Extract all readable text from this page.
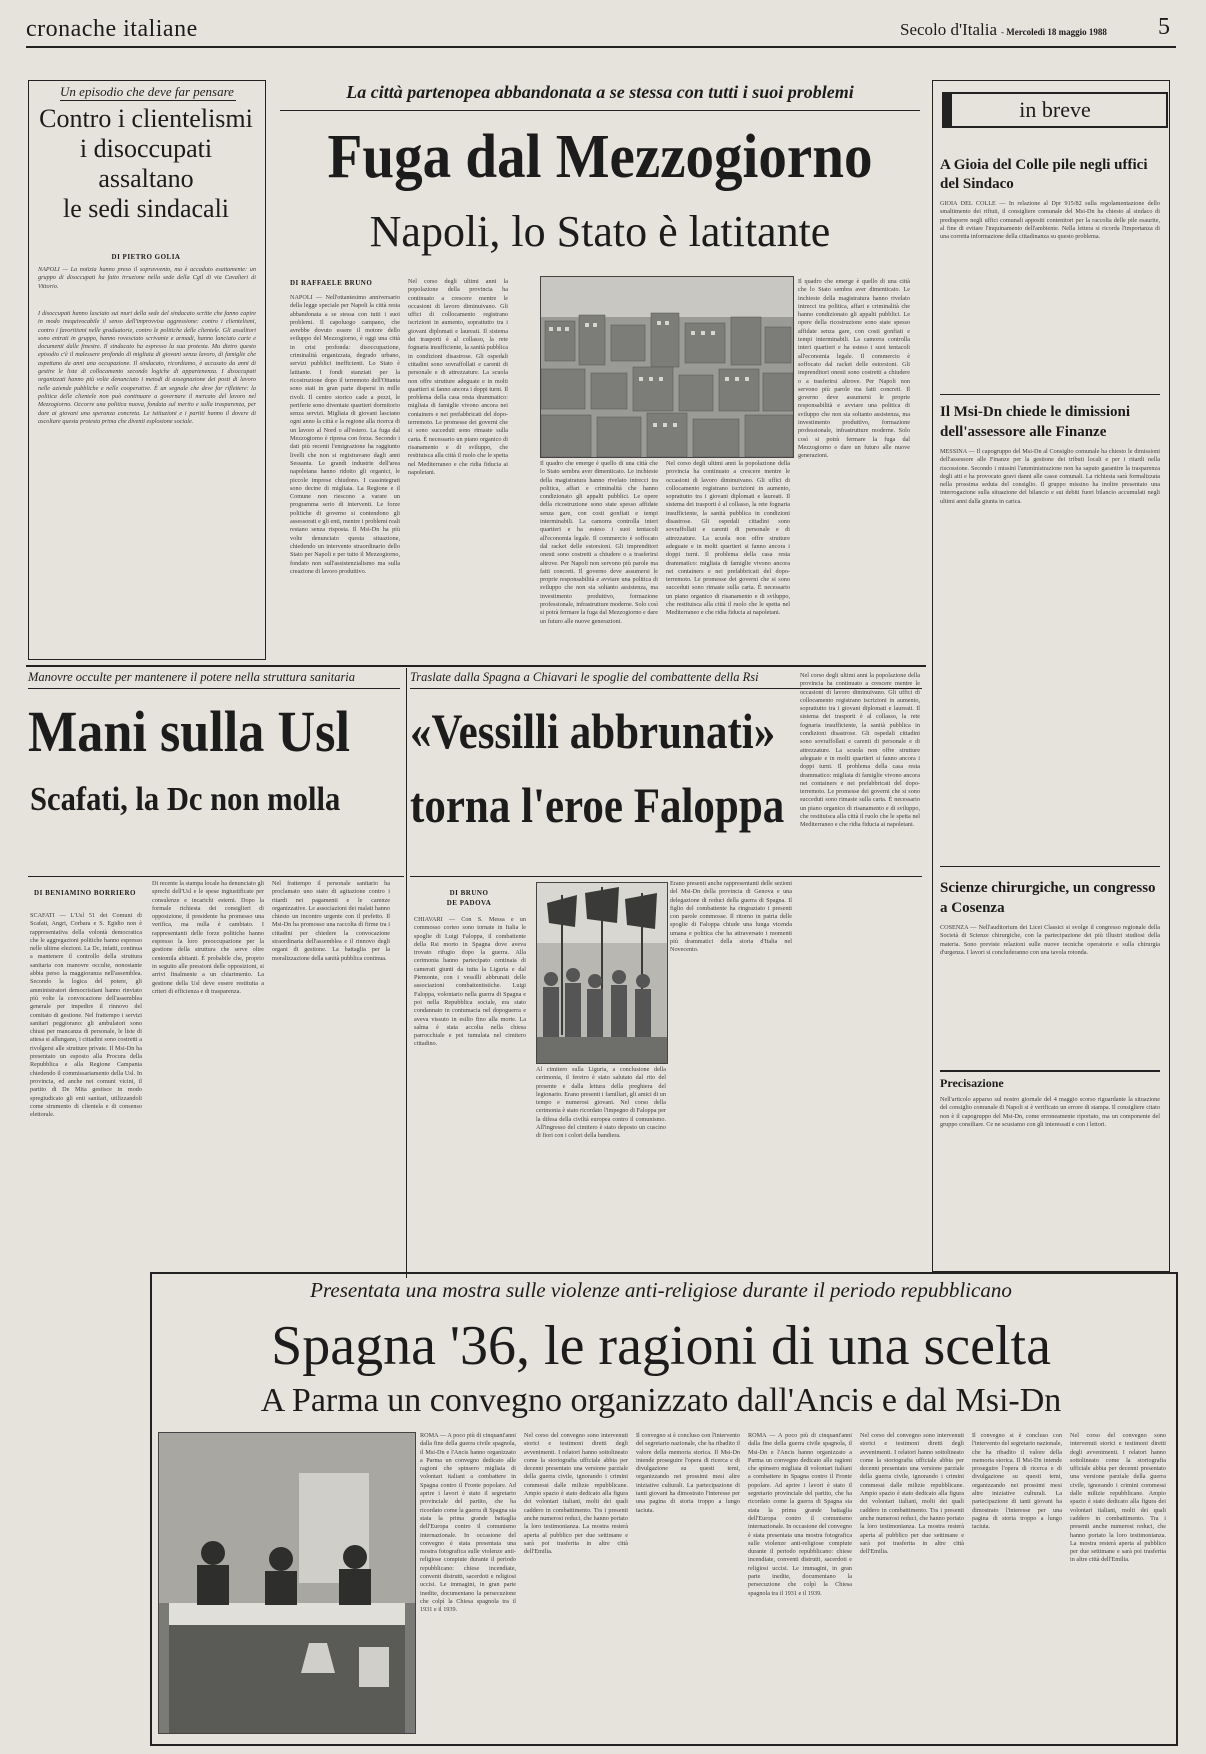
cronache italiane	Secolo d'Italia - Mercoledì 18 maggio 1988 5
Un episodio che deve far pensare
Contro i clientelismi
i disoccupati
assaltano
le sedi sindacali
DI PIETRO GOLIA
NAPOLI — La notizia hanno preso il sopravvento, ma è accaduto esattamente: un gruppo di disoccupati ha fatto irruzione nella sede della Cgil di via Cavalieri di Vittorio.
I disoccupati hanno lasciato sui muri della sede del sindacato scritte che fanno capire in modo inequivocabile il senso dell'improvvisa aggressione: contro i clientelismi, contro i favoritismi nelle graduatorie, contro le politiche delle clientele. Gli assalitori sono entrati in gruppo, hanno rovesciato scrivanie e armadi, hanno lanciato carte e documenti dalle finestre. Il sindacato ha espresso la sua protesta. Ma dietro questo episodio c'è il malessere profondo di migliaia di giovani senza lavoro, di famiglie che aspettano da anni una occupazione. Il sindacato, ricordiamo, è accusato da anni di gestire le liste di collocamento secondo logiche di appartenenza. I disoccupati organizzati hanno più volte denunciato i metodi di assegnazione dei posti di lavoro nelle aziende pubbliche e nelle cooperative. È un segnale che deve far riflettere: la politica delle clientele non può continuare a governare il mercato del lavoro nel Mezzogiorno. Occorre una politica nuova, fondata sul merito e sulla trasparenza, per dare ai giovani una speranza concreta. Le istituzioni e i partiti hanno il dovere di ascoltare questa protesta prima che diventi esplosione sociale.
La città partenopea abbandonata a se stessa con tutti i suoi problemi
Fuga dal Mezzogiorno
Napoli, lo Stato è latitante
DI RAFFAELE BRUNO
NAPOLI — Nell'ottantesimo anniversario della legge speciale per Napoli la città resta abbandonata a se stessa con tutti i suoi problemi. Il capoluogo campano, che avrebbe dovuto essere il motore dello sviluppo del Mezzogiorno, è oggi una città in crisi profonda: disoccupazione, criminalità organizzata, degrado urbano, servizi pubblici inefficienti. Lo Stato è latitante. I fondi stanziati per la ricostruzione dopo il terremoto dell'Ottanta sono stati in gran parte dispersi in mille rivoli. Il centro storico cade a pezzi, le periferie sono diventate quartieri dormitorio senza servizi. Migliaia di giovani lasciano ogni anno la città e la regione alla ricerca di un lavoro al Nord o all'estero. La fuga dal Mezzogiorno è ripresa con forza. Secondo i dati più recenti l'emigrazione ha raggiunto livelli che non si registravano dagli anni Sessanta. Le grandi industrie dell'area napoletana hanno ridotto gli organici, le piccole imprese chiudono. I cassintegrati sono decine di migliaia. La Regione e il Comune non riescono a varare un programma serio di interventi. Le forze politiche di governo si contendono gli assessorati e gli enti, mentre i problemi reali restano senza risposta. Il Msi-Dn ha più volte denunciato questa situazione, chiedendo un intervento straordinario dello Stato per Napoli e per tutto il Mezzogiorno, fondato non sull'assistenzialismo ma sulla creazione di lavoro produttivo.
Nel corso degli ultimi anni la popolazione della provincia ha continuato a crescere mentre le occasioni di lavoro diminuivano. Gli uffici di collocamento registrano iscrizioni in aumento, soprattutto tra i giovani diplomati e laureati. Il sistema dei trasporti è al collasso, la rete fognaria insufficiente, la sanità pubblica in condizioni disastrose. Gli ospedali cittadini sono sovraffollati e carenti di personale e di attrezzature. La scuola non offre strutture adeguate e in molti quartieri si fanno ancora i doppi turni. Il problema della casa resta drammatico: migliaia di famiglie vivono ancora nei containers e nei prefabbricati del dopo-terremoto. Le promesse dei governi che si sono succeduti sono rimaste sulla carta. È necessario un piano organico di risanamento e di sviluppo, che restituisca alla città il ruolo che le spetta nel Mediterraneo e che ridia fiducia ai napoletani.
Il quadro che emerge è quello di una città che lo Stato sembra aver dimenticato. Le inchieste della magistratura hanno rivelato intrecci tra politica, affari e criminalità che hanno condizionato gli appalti pubblici. Le opere della ricostruzione sono state spesso affidate senza gare, con costi gonfiati e tempi interminabili. La camorra controlla interi quartieri e ha esteso i suoi tentacoli all'economia legale. Il commercio è soffocato dal racket delle estorsioni. Gli imprenditori onesti sono costretti a chiudere o a trasferirsi altrove. Per Napoli non servono più parole ma fatti concreti. Il governo deve assumersi le proprie responsabilità e avviare una politica di sviluppo che non sia soltanto assistenza, ma investimento produttivo, formazione professionale, infrastrutture moderne. Solo così si potrà fermare la fuga dal Mezzogiorno e dare un futuro alle nuove generazioni.
Nel corso degli ultimi anni la popolazione della provincia ha continuato a crescere mentre le occasioni di lavoro diminuivano. Gli uffici di collocamento registrano iscrizioni in aumento, soprattutto tra i giovani diplomati e laureati. Il sistema dei trasporti è al collasso, la rete fognaria insufficiente, la sanità pubblica in condizioni disastrose. Gli ospedali cittadini sono sovraffollati e carenti di personale e di attrezzature. La scuola non offre strutture adeguate e in molti quartieri si fanno ancora i doppi turni. Il problema della casa resta drammatico: migliaia di famiglie vivono ancora nei containers e nei prefabbricati del dopo-terremoto. Le promesse dei governi che si sono succeduti sono rimaste sulla carta. È necessario un piano organico di risanamento e di sviluppo, che restituisca alla città il ruolo che le spetta nel Mediterraneo e che ridia fiducia ai napoletani.
Il quadro che emerge è quello di una città che lo Stato sembra aver dimenticato. Le inchieste della magistratura hanno rivelato intrecci tra politica, affari e criminalità che hanno condizionato gli appalti pubblici. Le opere della ricostruzione sono state spesso affidate senza gare, con costi gonfiati e tempi interminabili. La camorra controlla interi quartieri e ha esteso i suoi tentacoli all'economia legale. Il commercio è soffocato dal racket delle estorsioni. Gli imprenditori onesti sono costretti a chiudere o a trasferirsi altrove. Per Napoli non servono più parole ma fatti concreti. Il governo deve assumersi le proprie responsabilità e avviare una politica di sviluppo che non sia soltanto assistenza, ma investimento produttivo, formazione professionale, infrastrutture moderne. Solo così si potrà fermare la fuga dal Mezzogiorno e dare un futuro alle nuove generazioni.
in breve
A Gioia del Colle pile negli uffici del Sindaco
GIOIA DEL COLLE — In relazione al Dpr 915/82 sulla regolamentazione dello smaltimento dei rifiuti, il consigliere comunale del Msi-Dn ha chiesto al sindaco di predisporre negli uffici comunali appositi contenitori per la raccolta delle pile esaurite, al fine di evitare l'inquinamento dell'ambiente. Nella lettera si ricorda l'importanza di una corretta informazione della cittadinanza su questo problema.
Il Msi-Dn chiede le dimissioni dell'assessore alle Finanze
MESSINA — Il capogruppo del Msi-Dn al Consiglio comunale ha chiesto le dimissioni dell'assessore alle Finanze per la gestione dei tributi locali e per i ritardi nella riscossione. Secondo i missini l'amministrazione non ha saputo garantire la trasparenza degli atti e ha provocato gravi danni alle casse comunali. La richiesta sarà formalizzata nella prossima seduta del consiglio. Il gruppo missino ha inoltre presentato una interrogazione sulla situazione del bilancio e sui debiti fuori bilancio accumulati negli ultimi anni dalla giunta in carica.
Scienze chirurgiche, un congresso a Cosenza
COSENZA — Nell'auditorium dei Licei Classici si svolge il congresso regionale della Società di Scienze chirurgiche, con la partecipazione dei più illustri studiosi della materia. Sono previste relazioni sulle nuove tecniche operatorie e sulla chirurgia d'urgenza. I lavori si concluderanno con una tavola rotonda.
Precisazione
Nell'articolo apparso sul nostro giornale del 4 maggio scorso riguardante la situazione del consiglio comunale di Napoli si è verificato un errore di stampa. Il consigliere citato non è il capogruppo del Msi-Dn, come erroneamente riportato, ma un componente del gruppo consiliare. Ce ne scusiamo con gli interessati e con i lettori.
Manovre occulte per mantenere il potere nella struttura sanitaria
Mani sulla Usl
Scafati, la Dc non molla
DI BENIAMINO BORRIERO
SCAFATI — L'Usl 51 dei Comuni di Scafati, Angri, Corbara e S. Egidio non è rappresentativa della volontà democratica che le aggregazioni politiche hanno espresso nelle ultime elezioni. La Dc, infatti, continua a mantenere il controllo della struttura sanitaria con manovre occulte, nonostante abbia perso la maggioranza nell'assemblea. Secondo la logica del potere, gli amministratori democristiani hanno rinviato più volte la convocazione dell'assemblea generale per impedire il rinnovo del comitato di gestione. Nel frattempo i servizi sanitari peggiorano: gli ambulatori sono chiusi per mancanza di personale, le liste di attesa si allungano, i cittadini sono costretti a rivolgersi alle strutture private. Il Msi-Dn ha presentato un esposto alla Procura della Repubblica e alla Regione Campania chiedendo il commissariamento della Usl. In provincia, ed anche nei comuni vicini, il partito di De Mita gestisce in modo spregiudicato gli enti sanitari, utilizzandoli come strumento di clientela e di consenso elettorale.
Di recente la stampa locale ha denunciato gli sprechi dell'Usl e le spese ingiustificate per consulenze e incarichi esterni. Dopo la formale richiesta dei consiglieri di opposizione, il presidente ha promesso una verifica, ma nulla è cambiato. I rappresentanti delle forze politiche hanno espresso la loro preoccupazione per la gestione della struttura che serve oltre centomila abitanti. È probabile che, proprio in seguito alle pressioni delle opposizioni, si arrivi finalmente a un chiarimento. La gestione della Usl deve essere restituita a criteri di efficienza e di trasparenza.
Nel frattempo il personale sanitario ha proclamato uno stato di agitazione contro i ritardi nei pagamenti e le carenze organizzative. Le associazioni dei malati hanno chiesto un incontro urgente con il prefetto. Il Msi-Dn ha promosso una raccolta di firme tra i cittadini per chiedere la convocazione straordinaria dell'assemblea e il rinnovo degli organi di gestione. La battaglia per la moralizzazione della sanità pubblica continua.
Traslate dalla Spagna a Chiavari le spoglie del combattente della Rsi
«Vessilli abbrunati»
torna l'eroe Faloppa
DI BRUNO
DE PADOVA
CHIAVARI — Con S. Messa e un commosso corteo sono tornate in Italia le spoglie di Luigi Faloppa, il combattente della Rsi morto in Spagna dove aveva trovato rifugio dopo la guerra. Alla cerimonia hanno partecipato centinaia di camerati giunti da tutta la Liguria e dal Piemonte, con i vessilli abbrunati delle associazioni combattentistiche. Luigi Faloppa, volontario nella guerra di Spagna e poi nella Repubblica sociale, era stato condannato in contumacia nel dopoguerra e aveva vissuto in esilio fino alla morte. La salma è stata accolta nella chiesa parrocchiale e poi tumulata nel cimitero cittadino.
Al cimitero sulla Liguria, a conclusione della cerimonia, il feretro è stato salutato dal rito del presente e dalla lettura della preghiera del legionario. Erano presenti i familiari, gli amici di un tempo e numerosi giovani. Nel corso della cerimonia è stato ricordato l'impegno di Faloppa per la difesa della civiltà europea contro il comunismo. All'ingresso del cimitero è stato deposto un cuscino di fiori con i colori della bandiera.
Erano presenti anche rappresentanti delle sezioni del Msi-Dn della provincia di Genova e una delegazione di reduci della guerra di Spagna. Il figlio del combattente ha ringraziato i presenti con parole commosse. Il ritorno in patria delle spoglie di Faloppa chiude una lunga vicenda umana e politica che ha attraversato i momenti più drammatici della storia d'Italia nel Novecento.
Nel corso degli ultimi anni la popolazione della provincia ha continuato a crescere mentre le occasioni di lavoro diminuivano. Gli uffici di collocamento registrano iscrizioni in aumento, soprattutto tra i giovani diplomati e laureati. Il sistema dei trasporti è al collasso, la rete fognaria insufficiente, la sanità pubblica in condizioni disastrose. Gli ospedali cittadini sono sovraffollati e carenti di personale e di attrezzature. La scuola non offre strutture adeguate e in molti quartieri si fanno ancora i doppi turni. Il problema della casa resta drammatico: migliaia di famiglie vivono ancora nei containers e nei prefabbricati del dopo-terremoto. Le promesse dei governi che si sono succeduti sono rimaste sulla carta. È necessario un piano organico di risanamento e di sviluppo, che restituisca alla città il ruolo che le spetta nel Mediterraneo e che ridia fiducia ai napoletani.
Presentata una mostra sulle violenze anti-religiose durante il periodo repubblicano
Spagna '36, le ragioni di una scelta
A Parma un convegno organizzato dall'Ancis e dal Msi-Dn
ROMA — A poco più di cinquant'anni dalla fine della guerra civile spagnola, il Msi-Dn e l'Ancis hanno organizzato a Parma un convegno dedicato alle ragioni che spinsero migliaia di volontari italiani a combattere in Spagna contro il Fronte popolare. Ad aprire i lavori è stato il segretario provinciale del partito, che ha ricordato come la guerra di Spagna sia stata la prima grande battaglia dell'Europa contro il comunismo internazionale. In occasione del convegno è stata presentata una mostra fotografica sulle violenze anti-religiose compiute durante il periodo repubblicano: chiese incendiate, conventi distrutti, sacerdoti e religiosi uccisi. Le immagini, in gran parte inedite, documentano la persecuzione che colpì la Chiesa spagnola tra il 1931 e il 1939.
Nel corso del convegno sono intervenuti storici e testimoni diretti degli avvenimenti. I relatori hanno sottolineato come la storiografia ufficiale abbia per decenni presentato una versione parziale della guerra civile, ignorando i crimini commessi dalle milizie repubblicane. Ampio spazio è stato dedicato alla figura dei volontari italiani, molti dei quali caddero in combattimento. Tra i presenti anche numerosi reduci, che hanno portato la loro testimonianza. La mostra resterà aperta al pubblico per due settimane e sarà poi trasferita in altre città dell'Emilia.
Il convegno si è concluso con l'intervento del segretario nazionale, che ha ribadito il valore della memoria storica. Il Msi-Dn intende proseguire l'opera di ricerca e di divulgazione su questi temi, organizzando nei prossimi mesi altre iniziative culturali. La partecipazione di tanti giovani ha dimostrato l'interesse per una pagina di storia troppo a lungo taciuta.
ROMA — A poco più di cinquant'anni dalla fine della guerra civile spagnola, il Msi-Dn e l'Ancis hanno organizzato a Parma un convegno dedicato alle ragioni che spinsero migliaia di volontari italiani a combattere in Spagna contro il Fronte popolare. Ad aprire i lavori è stato il segretario provinciale del partito, che ha ricordato come la guerra di Spagna sia stata la prima grande battaglia dell'Europa contro il comunismo internazionale. In occasione del convegno è stata presentata una mostra fotografica sulle violenze anti-religiose compiute durante il periodo repubblicano: chiese incendiate, conventi distrutti, sacerdoti e religiosi uccisi. Le immagini, in gran parte inedite, documentano la persecuzione che colpì la Chiesa spagnola tra il 1931 e il 1939.
Nel corso del convegno sono intervenuti storici e testimoni diretti degli avvenimenti. I relatori hanno sottolineato come la storiografia ufficiale abbia per decenni presentato una versione parziale della guerra civile, ignorando i crimini commessi dalle milizie repubblicane. Ampio spazio è stato dedicato alla figura dei volontari italiani, molti dei quali caddero in combattimento. Tra i presenti anche numerosi reduci, che hanno portato la loro testimonianza. La mostra resterà aperta al pubblico per due settimane e sarà poi trasferita in altre città dell'Emilia.
Il convegno si è concluso con l'intervento del segretario nazionale, che ha ribadito il valore della memoria storica. Il Msi-Dn intende proseguire l'opera di ricerca e di divulgazione su questi temi, organizzando nei prossimi mesi altre iniziative culturali. La partecipazione di tanti giovani ha dimostrato l'interesse per una pagina di storia troppo a lungo taciuta.
Nel corso del convegno sono intervenuti storici e testimoni diretti degli avvenimenti. I relatori hanno sottolineato come la storiografia ufficiale abbia per decenni presentato una versione parziale della guerra civile, ignorando i crimini commessi dalle milizie repubblicane. Ampio spazio è stato dedicato alla figura dei volontari italiani, molti dei quali caddero in combattimento. Tra i presenti anche numerosi reduci, che hanno portato la loro testimonianza. La mostra resterà aperta al pubblico per due settimane e sarà poi trasferita in altre città dell'Emilia.
